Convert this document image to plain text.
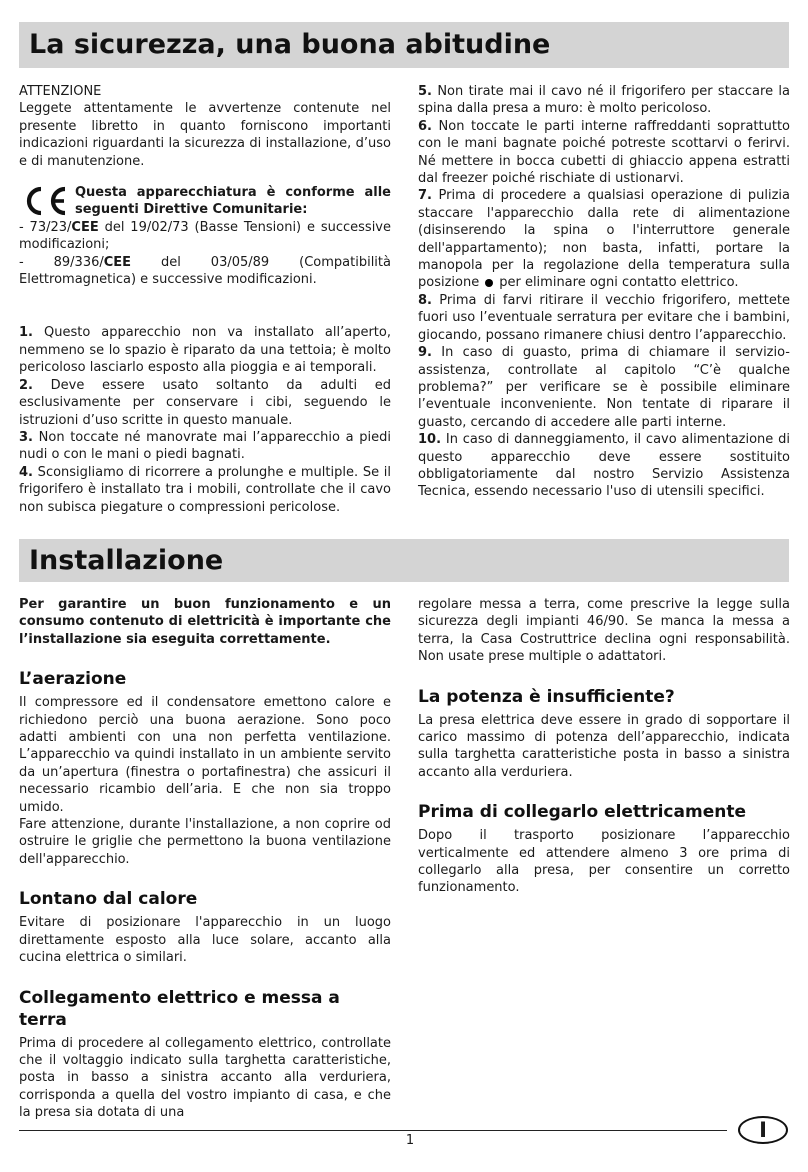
La sicurezza, una buona abitudine

ATTENZIONE

Leggete attentamente le avvertenze contenute nel presente libretto in quanto forniscono importanti indicazioni riguardanti la sicurezza di installazione, d’uso e di manutenzione.

Questa apparecchiatura è conforme alle seguenti Direttive Comunitarie:

- 73/23/CEE del 19/02/73 (Basse Tensioni) e successive modificazioni;

- 89/336/CEE del 03/05/89 (Compatibilità Elettromagnetica) e successive modificazioni.

1. Questo apparecchio non va installato all’aperto, nemmeno se lo spazio è riparato da una tettoia; è molto pericoloso lasciarlo esposto alla pioggia e ai temporali.

2. Deve essere usato soltanto da adulti ed esclusivamente per conservare i cibi, seguendo le istruzioni d’uso scritte in questo manuale.

3. Non toccate né manovrate mai l’apparecchio a piedi nudi o con le mani o piedi bagnati.

4. Sconsigliamo di ricorrere a prolunghe e multiple. Se il frigorifero è installato tra i mobili, controllate che il cavo non subisca piegature o compressioni pericolose.

5. Non tirate mai il cavo né il frigorifero per staccare la spina dalla presa a muro: è molto pericoloso.

6. Non toccate le parti interne raffreddanti soprattutto con le mani bagnate poiché potreste scottarvi o ferirvi. Né mettere in bocca cubetti di ghiaccio appena estratti dal freezer poiché rischiate di ustionarvi.

7. Prima di procedere a qualsiasi operazione di pulizia staccare l'apparecchio dalla rete di alimentazione (disinserendo la spina o l'interruttore generale dell'appartamento); non basta, infatti, portare la manopola per la regolazione della temperatura sulla posizione per eliminare ogni contatto elettrico.

8. Prima di farvi ritirare il vecchio frigorifero, mettete fuori uso l’eventuale serratura per evitare che i bambini, giocando, possano rimanere chiusi dentro l’apparecchio.

9. In caso di guasto, prima di chiamare il servizio-assistenza, controllate al capitolo “C’è qualche problema?” per verificare se è possibile eliminare l’eventuale inconveniente. Non tentate di riparare il guasto, cercando di accedere alle parti interne.

10. In caso di danneggiamento, il cavo alimentazione di questo apparecchio deve essere sostituito obbligatoriamente dal nostro Servizio Assistenza Tecnica, essendo necessario l'uso di utensili specifici.

Installazione

Per garantire un buon funzionamento e un consumo contenuto di elettricità è importante che l’installazione sia eseguita correttamente.

L’aerazione

Il compressore ed il condensatore emettono calore e richiedono perciò una buona aerazione. Sono poco adatti ambienti con una non perfetta ventilazione. L’apparecchio va quindi installato in un ambiente servito da un’apertura (finestra o portafinestra) che assicuri il necessario ricambio dell’aria. E che non sia troppo umido.

Fare attenzione, durante l'installazione, a non coprire od ostruire le griglie che permettono la buona ventilazione dell'apparecchio.

Lontano dal calore

Evitare di posizionare l'apparecchio in un luogo direttamente esposto alla luce solare, accanto alla cucina elettrica o similari.

Collegamento elettrico e messa a terra

Prima di procedere al collegamento elettrico, controllate che il voltaggio indicato sulla targhetta caratteristiche, posta in basso a sinistra accanto alla verduriera, corrisponda a quella del vostro impianto di casa, e che la presa sia dotata di una

regolare messa a terra, come prescrive la legge sulla sicurezza degli impianti 46/90. Se manca la messa a terra, la Casa Costruttrice declina ogni responsabilità. Non usate prese multiple o adattatori.

La potenza è insufficiente?

La presa elettrica deve essere in grado di sopportare il carico massimo di potenza dell’apparecchio, indicata sulla targhetta caratteristiche posta in basso a sinistra accanto alla verduriera.

Prima di collegarlo elettricamente

Dopo il trasporto posizionare l’apparecchio verticalmente ed attendere almeno 3 ore prima di collegarlo alla presa, per consentire un corretto funzionamento.

1	I
